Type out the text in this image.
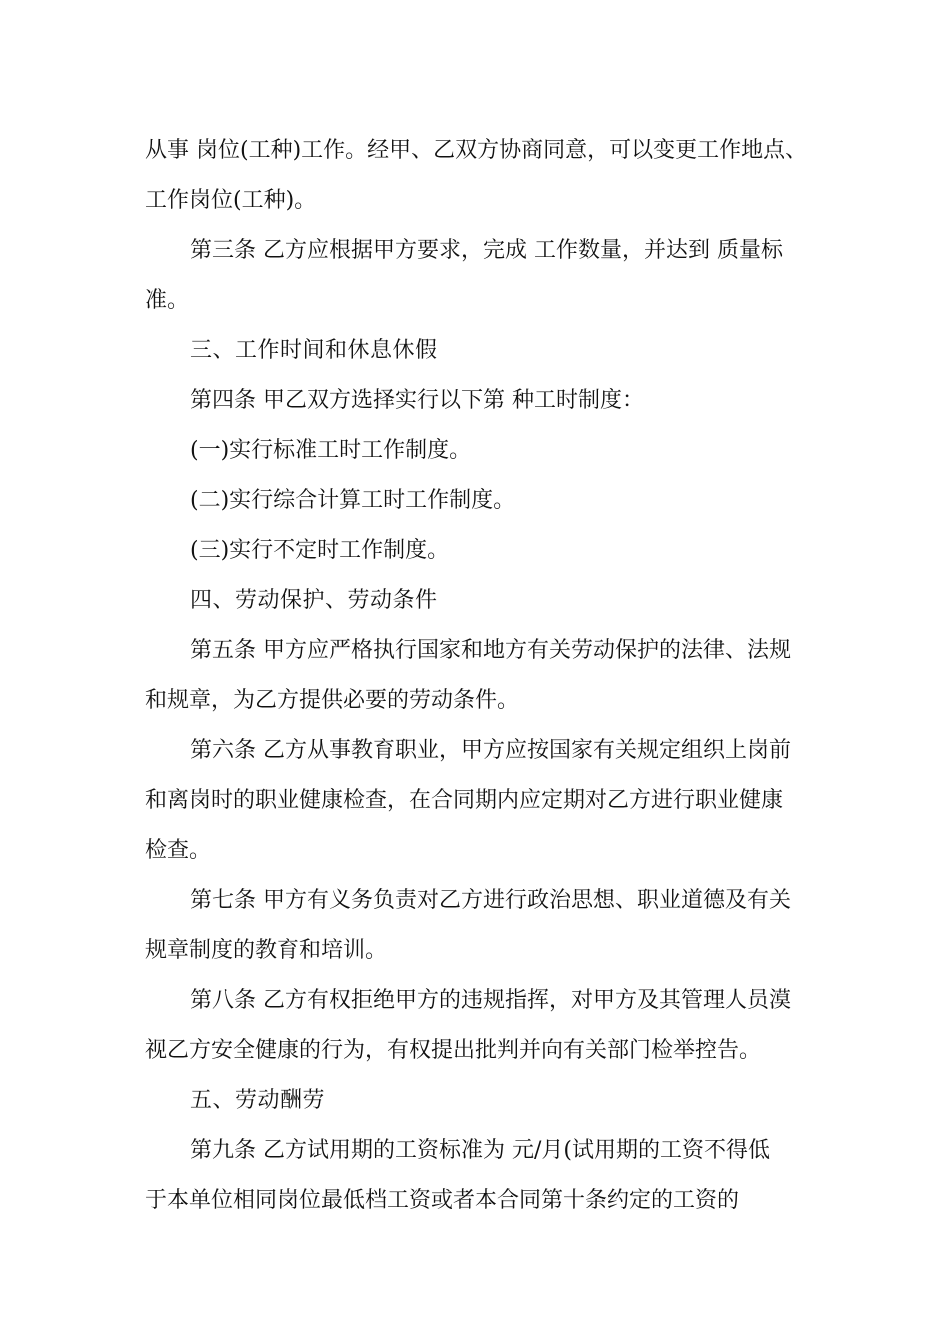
从事 岗位(工种)工作。经甲、乙双方协商同意，可以变更工作地点、
工作岗位(工种)。
第三条 乙方应根据甲方要求，完成 工作数量，并达到 质量标
准。
三、工作时间和休息休假
第四条 甲乙双方选择实行以下第 种工时制度：
(一)实行标准工时工作制度。
(二)实行综合计算工时工作制度。
(三)实行不定时工作制度。
四、劳动保护、劳动条件
第五条 甲方应严格执行国家和地方有关劳动保护的法律、法规
和规章，为乙方提供必要的劳动条件。
第六条 乙方从事教育职业，甲方应按国家有关规定组织上岗前
和离岗时的职业健康检查，在合同期内应定期对乙方进行职业健康
检查。
第七条 甲方有义务负责对乙方进行政治思想、职业道德及有关
规章制度的教育和培训。
第八条 乙方有权拒绝甲方的违规指挥，对甲方及其管理人员漠
视乙方安全健康的行为，有权提出批判并向有关部门检举控告。
五、劳动酬劳
第九条 乙方试用期的工资标准为 元/月(试用期的工资不得低
于本单位相同岗位最低档工资或者本合同第十条约定的工资的
